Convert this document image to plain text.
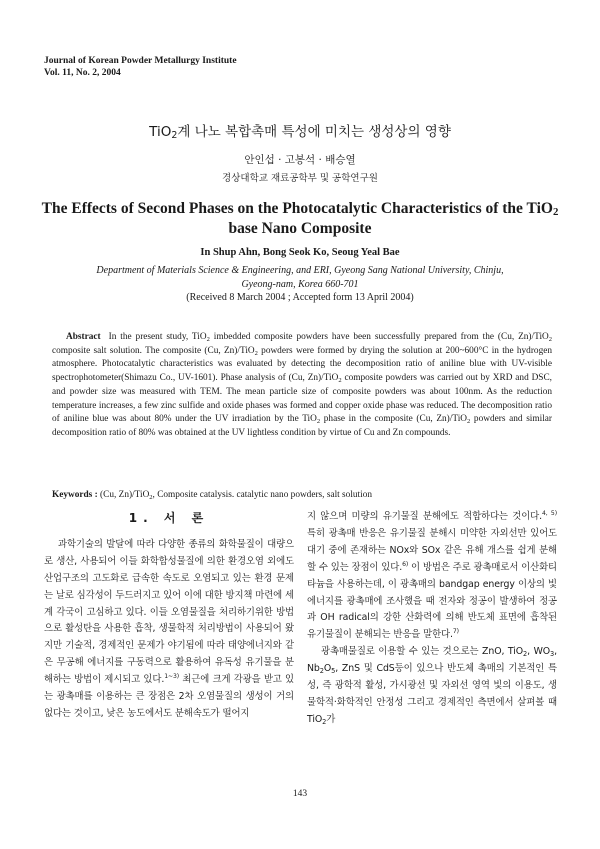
Journal of Korean Powder Metallurgy Institute
Vol. 11, No. 2, 2004
TiO$_2$계 나노 복합촉매 특성에 미치는 생성상의 영향
안인섭 · 고봉석 · 배승열
경상대학교 재료공학부 및 공학연구원
The Effects of Second Phases on the Photocatalytic Characteristics of the TiO$_2$
base Nano Composite
In Shup Ahn, Bong Seok Ko, Seoug Yeal Bae
Department of Materials Science & Engineering, and ERI, Gyeong Sang National University, Chinju,
Gyeong-nam, Korea 660-701
(Received 8 March 2004 ; Accepted form 13 April 2004)
Abstract In the present study, TiO$_2$ imbedded composite powders have been successfully prepared from the (Cu, Zn)/TiO$_2$ composite salt solution. The composite (Cu, Zn)/TiO$_2$ powders were formed by drying the solution at 200~600°C in the hydrogen atmosphere. Photocatalytic characteristics was evaluated by detecting the decomposition ratio of aniline blue with UV-visible spectrophotometer(Shimazu Co., UV-1601). Phase analysis of (Cu, Zn)/TiO$_2$ composite powders was carried out by XRD and DSC, and powder size was measured with TEM. The mean particle size of composite powders was about 100nm. As the reduction temperature increases, a few zinc sulfide and oxide phases was formed and copper oxide phase was reduced. The decomposition ratio of aniline blue was about 80% under the UV irradiation by the TiO$_2$ phase in the composite (Cu, Zn)/TiO$_2$ powders and similar decomposition ratio of 80% was obtained at the UV lightless condition by virtue of Cu and Zn compounds.
Keywords : (Cu, Zn)/TiO$_2$, Composite catalysis. catalytic nano powders, salt solution
1. 서 론

과학기술의 발달에 따라 다양한 종류의 화학물질이 대량으로 생산, 사용되어 이들 화학합성물질에 의한 환경오염 외에도 산업구조의 고도화로 급속한 속도로 오염되고 있는 환경 문제는 날로 심각성이 두드러지고 있어 이에 대한 방지책 마련에 세계 각국이 고심하고 있다. 이들 오염물질을 처리하기위한 방법으로 활성탄을 사용한 흡착, 생물학적 처리방법이 사용되어 왔지만 기술적, 경제적인 문제가 야기됨에 따라 태양에너지와 같은 무공해 에너지를 구동력으로 활용하여 유독성 유기물을 분해하는 방법이 제시되고 있다.$^{1\sim 3)}$ 최근에 크게 각광을 받고 있는 광촉매를 이용하는 큰 장점은 2차 오염물질의 생성이 거의 없다는 것이고, 낮은 농도에서도 분해속도가 떨어지

지 않으며 미량의 유기물질 분해에도 적합하다는 것이다.$^{4, 5)}$ 특히 광촉매 반응은 유기물질 분해시 미약한 자외선만 있어도 대기 중에 존재하는 NOx와 SOx 같은 유해 개스를 쉽게 분해할 수 있는 장점이 있다.$^{6)}$ 이 방법은 주로 광촉매로서 이산화티타늄을 사용하는데, 이 광촉매의 bandgap energy 이상의 빛 에너지를 광촉매에 조사했을 때 전자와 정공이 발생하여 정공과 OH radical의 강한 산화력에 의해 반도체 표면에 흡착된 유기물질이 분해되는 반응을 말한다.$^{7)}$

광촉매물질로 이용할 수 있는 것으로는 ZnO, TiO$_2$, $WO_3$, $Nb_2O_5$, ZnS 및 CdS등이 있으나 반도체 촉매의 기본적인 특성, 즉 광학적 활성, 가시광선 및 자외선 영역 빛의 이용도, 생물학적·화학적인 안정성 그리고 경제적인 측면에서 살펴볼 때 TiO$_2$가

143
